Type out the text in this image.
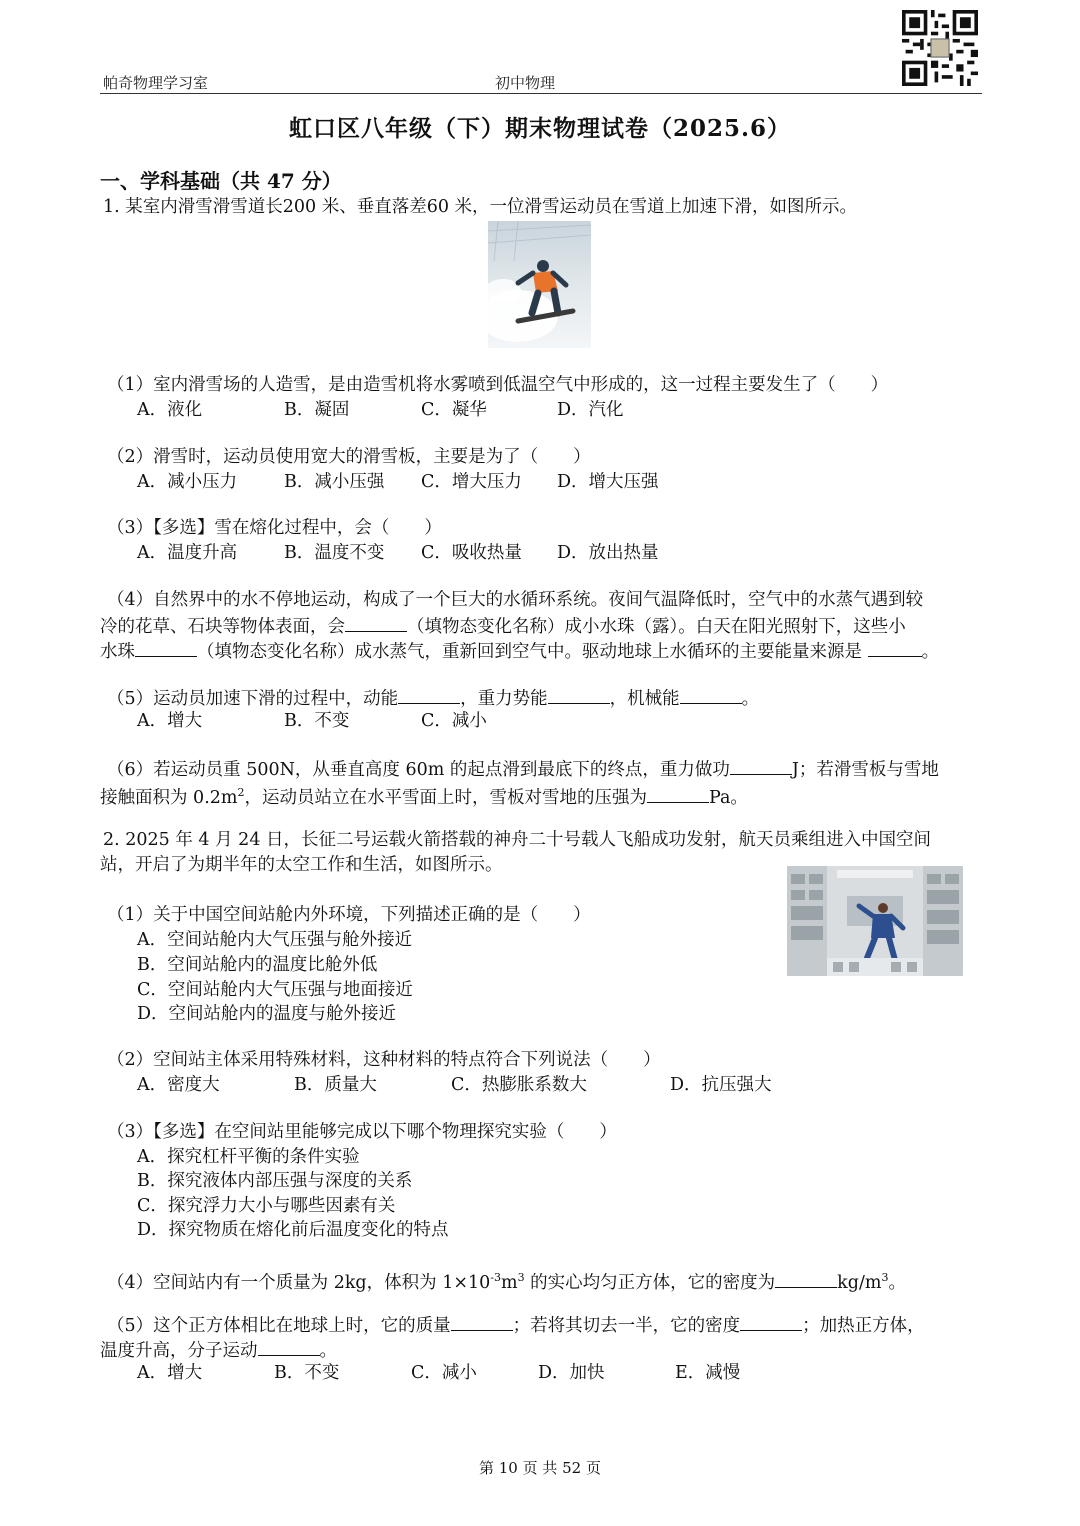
帕奇物理学习室	初中物理

虹口区八年级（下）期末物理试卷（2025.6）
一、学科基础（共 47 分）
1. 某室内滑雪滑雪道长200 米、垂直落差60 米，一位滑雪运动员在雪道上加速下滑，如图所示。
（1）室内滑雪场的人造雪，是由造雪机将水雾喷到低温空气中形成的，这一过程主要发生了（　　）
A．液化	B．凝固	C．凝华	D．汽化
（2）滑雪时，运动员使用宽大的滑雪板，主要是为了（　　）
A．减小压力	B．减小压强 C．增大压力 D．增大压强
（3）【多选】雪在熔化过程中，会（　　）
A．温度升高	B．温度不变 C．吸收热量 D．放出热量
（4）自然界中的水不停地运动，构成了一个巨大的水循环系统。夜间气温降低时，空气中的水蒸气遇到较
冷的花草、石块等物体表面，会	（填物态变化名称）成小水珠（露）。白天在阳光照射下，这些小
水珠	（填物态变化名称）成水蒸气，重新回到空气中。驱动地球上水循环的主要能量来源是	。
（5）运动员加速下滑的过程中，动能	，重力势能	，机械能	。
A．增大	B．不变	C．减小
（6）若运动员重 500N，从垂直高度 60m 的起点滑到最底下的终点，重力做功	J；若滑雪板与雪地
接触面积为 $0.2m^2$，运动员站立在水平雪面上时，雪板对雪地的压强为	Pa。
2. 2025 年 4 月 24 日，长征二号运载火箭搭载的神舟二十号载人飞船成功发射，航天员乘组进入中国空间
站，开启了为期半年的太空工作和生活，如图所示。
（1）关于中国空间站舱内外环境，下列描述正确的是（　　）
A．空间站舱内大气压强与舱外接近
B．空间站舱内的温度比舱外低
C．空间站舱内大气压强与地面接近
D．空间站舱内的温度与舱外接近
（2）空间站主体采用特殊材料，这种材料的特点符合下列说法（　　）
A．密度大	B．质量大	C．热膨胀系数大	D．抗压强大
（3）【多选】在空间站里能够完成以下哪个物理探究实验（　　）
A．探究杠杆平衡的条件实验
B．探究液体内部压强与深度的关系
C．探究浮力大小与哪些因素有关
D．探究物质在熔化前后温度变化的特点
（4）空间站内有一个质量为 2kg，体积为 $1\times 10^{-3}m^3$ 的实心均匀正方体，它的密度为	$kg/m^3$。
（5）这个正方体相比在地球上时，它的质量	；若将其切去一半，它的密度	；加热正方体，
温度升高，分子运动	。
A．增大	B．不变	C．减小	D．加快	E．减慢
第 10 页 共 52 页
